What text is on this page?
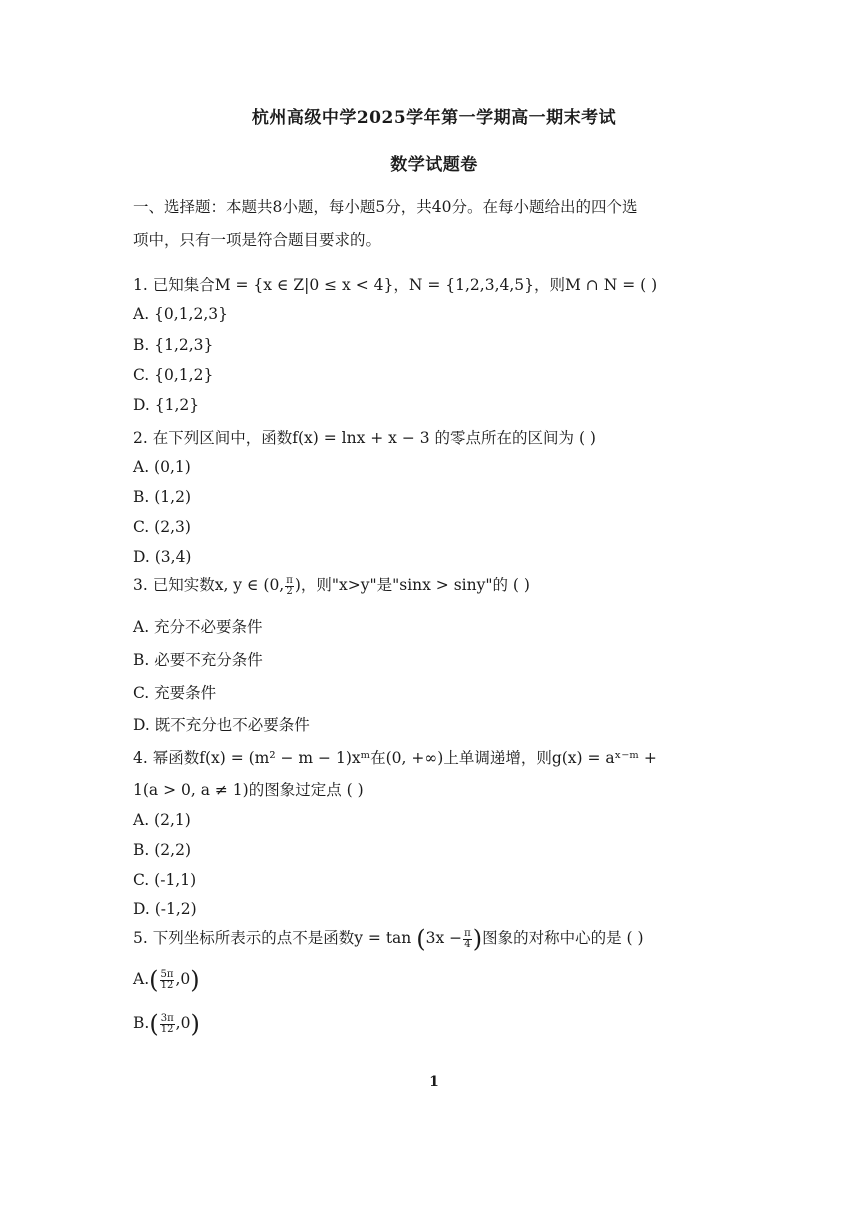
杭州高级中学2025学年第一学期高一期末考试
数学试题卷
一、选择题：本题共8小题，每小题5分，共40分。在每小题给出的四个选
项中，只有一项是符合题目要求的。
1. 已知集合M = {x ∈ Z|0 ≤ x < 4}，N = {1,2,3,4,5}，则M ∩ N = ( )
A. {0,1,2,3}
B. {1,2,3}
C. {0,1,2}
D. {1,2}
2. 在下列区间中，函数f(x) = lnx + x − 3 的零点所在的区间为 ( )
A. (0,1)
B. (1,2)
C. (2,3)
D. (3,4)
3. 已知实数x, y ∈ (0, $\frac{\pi}{2}$ )，则"x>y"是"sinx > siny"的 ( )
A. 充分不必要条件
B. 必要不充分条件
C. 充要条件
D. 既不充分也不必要条件
4. 幂函数f(x) = (m² − m − 1)xᵐ在(0, +∞)上单调递增，则g(x) = aˣ⁻ᵐ +
1(a > 0, a ≠ 1)的图象过定点 ( )
A. (2,1)
B. (2,2)
C. (-1,1)
D. (-1,2)
5. 下列坐标所表示的点不是函数$y = \tan (3x - \frac{\pi}{4}$ )图象的对称中心的是 ( )
$A.( \frac{5\pi}{12} ,0)$
$B.( \frac{3\pi}{12} ,0)$
1
